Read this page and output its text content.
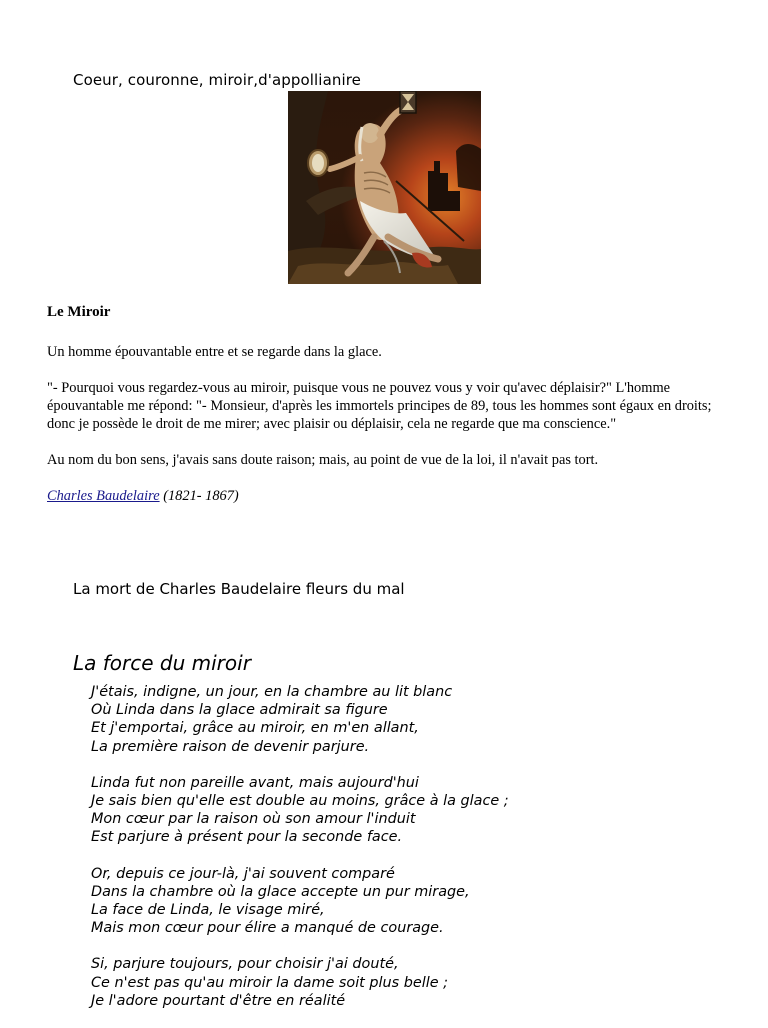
Coeur, couronne, miroir,d'appollianire
Le Miroir

Un homme épouvantable entre et se regarde dans la glace.

"- Pourquoi vous regardez-vous au miroir, puisque vous ne pouvez vous y voir qu'avec déplaisir?" L'homme épouvantable me répond: "- Monsieur, d'après les immortels principes de 89, tous les hommes sont égaux en droits; donc je possède le droit de me mirer; avec plaisir ou déplaisir, cela ne regarde que ma conscience."

Au nom du bon sens, j'avais sans doute raison; mais, au point de vue de la loi, il n'avait pas tort.

Charles Baudelaire (1821- 1867)

La mort de Charles Baudelaire fleurs du mal
La force du miroir
J'étais, indigne, un jour, en la chambre au lit blanc
Où Linda dans la glace admirait sa figure
Et j'emportai, grâce au miroir, en m'en allant,
La première raison de devenir parjure.
Linda fut non pareille avant, mais aujourd'hui
Je sais bien qu'elle est double au moins, grâce à la glace ;
Mon cœur par la raison où son amour l'induit
Est parjure à présent pour la seconde face.
Or, depuis ce jour-là, j'ai souvent comparé
Dans la chambre où la glace accepte un pur mirage,
La face de Linda, le visage miré,
Mais mon cœur pour élire a manqué de courage.
Si, parjure toujours, pour choisir j'ai douté,
Ce n'est pas qu'au miroir la dame soit plus belle ;
Je l'adore pourtant d'être en réalité
